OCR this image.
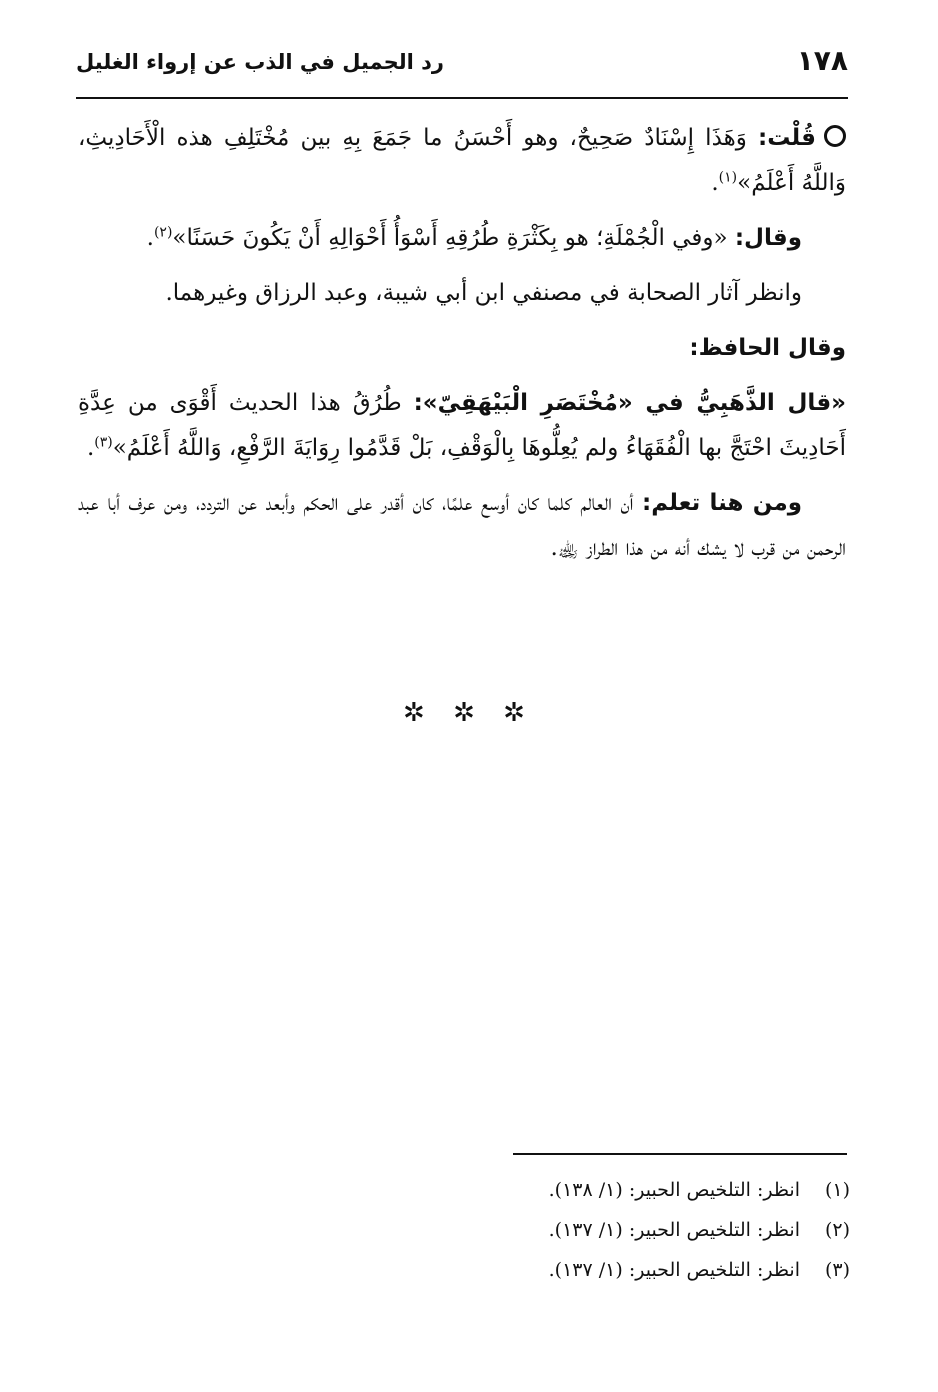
١٧٨
رد الجميل في الذب عن إرواء الغليل

قُلْت: وَهَذَا إِسْنَادٌ صَحِيحٌ، وهو أَحْسَنُ ما جَمَعَ بِهِ بين مُخْتَلِفِ هذه الْأَحَادِيثِ، وَاللَّهُ أَعْلَمُ»$^{(١)}$.

وقال: «وفي الْجُمْلَةِ؛ هو بِكَثْرَةِ طُرُقِهِ أَسْوَأُ أَحْوَالِهِ أَنْ يَكُونَ حَسَنًا»$^{(٢)}$.

وانظر آثار الصحابة في مصنفي ابن أبي شيبة، وعبد الرزاق وغيرهما.

وقال الحافظ:

«قال الذَّهَبِيُّ في «مُخْتَصَرِ الْبَيْهَقِيّ»: طُرُقُ هذا الحديث أَقْوَى من عِدَّةِ أَحَادِيثَ احْتَجَّ بها الْفُقَهَاءُ ولم يُعِلُّوهَا بِالْوَقْفِ، بَلْ قَدَّمُوا رِوَايَةَ الرَّفْعِ، وَاللَّهُ أَعْلَمُ»$^{(٣)}$.

ومن هنا تعلم: أن العالم كلما كان أوسع علمًا، كان أقدر على الحكم وأبعد عن التردد، ومن عرف أبا عبد الرحمن من قرب لا يشك أنه من هذا الطراز ﵀.

✲ ✲ ✲
(١)انظر: التلخيص الحبير: (١/ ١٣٨).
(٢)انظر: التلخيص الحبير: (١/ ١٣٧).
(٣)انظر: التلخيص الحبير: (١/ ١٣٧).
